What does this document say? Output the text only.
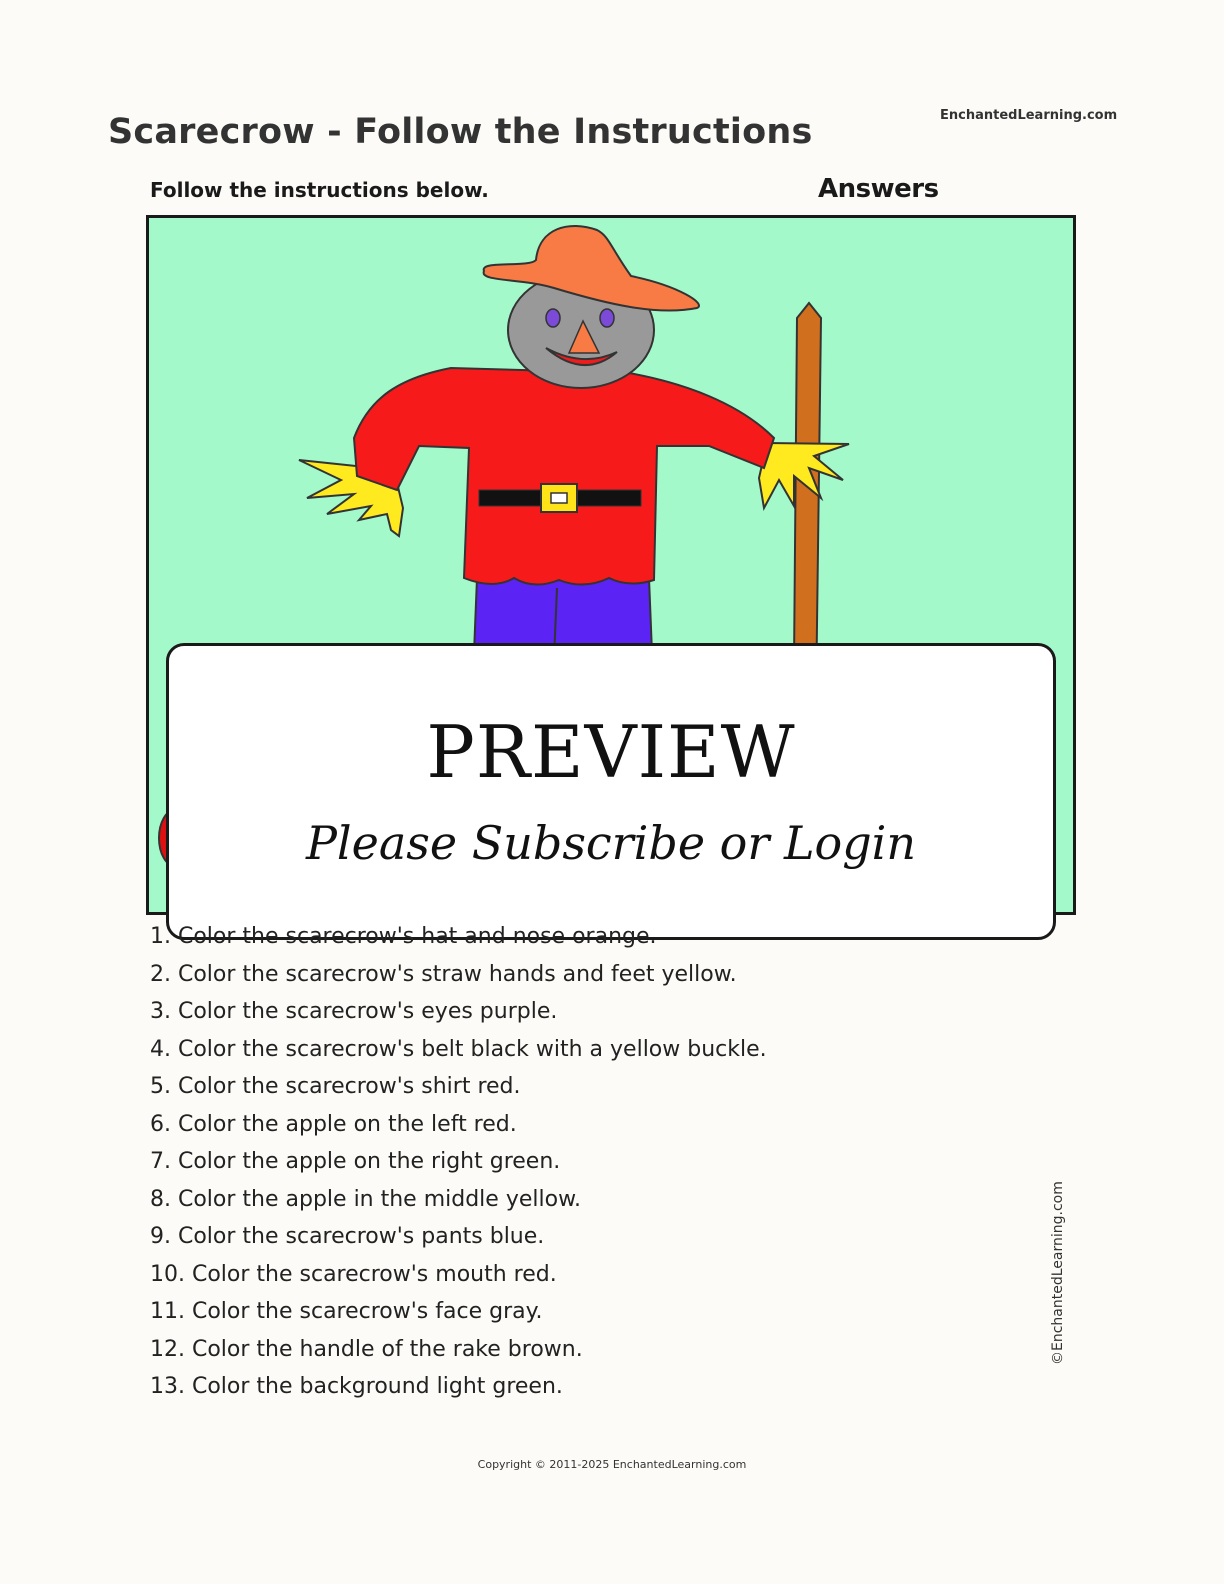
EnchantedLearning.com
Scarecrow - Follow the Instructions
Follow the instructions below.	Answers
PREVIEW
Please Subscribe or Login
1. Color the scarecrow's hat and nose orange.
2. Color the scarecrow's straw hands and feet yellow.
3. Color the scarecrow's eyes purple.
4. Color the scarecrow's belt black with a yellow buckle.
5. Color the scarecrow's shirt red.
6. Color the apple on the left red.
7. Color the apple on the right green.
8. Color the apple in the middle yellow.
9. Color the scarecrow's pants blue.
10. Color the scarecrow's mouth red.
11. Color the scarecrow's face gray.
12. Color the handle of the rake brown.
13. Color the background light green.
©EnchantedLearning.com
Copyright © 2011-2025 EnchantedLearning.com
